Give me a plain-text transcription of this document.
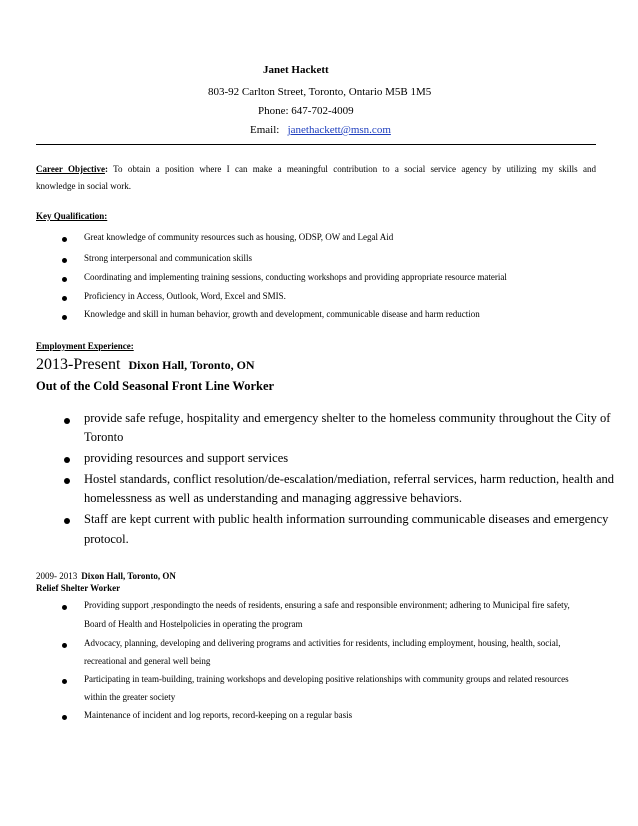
Janet Hackett
803-92 Carlton Street, Toronto, Ontario M5B 1M5
Phone: 647-702-4009
Email: janethackett@msn.com
Career Objective: To obtain a position where I can make a meaningful contribution to a social service agency by utilizing my skills and
knowledge in social work.
Key Qualification:
Great knowledge of community resources such as housing, ODSP, OW and Legal Aid
Strong interpersonal and communication skills
Coordinating and implementing training sessions, conducting workshops and providing appropriate resource material
Proficiency in Access, Outlook, Word, Excel and SMIS.
Knowledge and skill in human behavior, growth and development, communicable disease and harm reduction
Employment Experience:
2013-Present Dixon Hall, Toronto, ON
Out of the Cold Seasonal Front Line Worker
provide safe refuge, hospitality and emergency shelter to the homeless community throughout the City of
Toronto
providing resources and support services
Hostel standards, conflict resolution/de-escalation/mediation, referral services, harm reduction, health and
homelessness as well as understanding and managing aggressive behaviors.
Staff are kept current with public health information surrounding communicable diseases and emergency
protocol.
2009- 2013 Dixon Hall, Toronto, ON
Relief Shelter Worker
Providing support ,respondingto the needs of residents, ensuring a safe and responsible environment; adhering to Municipal fire safety,
Board of Health and Hostelpolicies in operating the program
Advocacy, planning, developing and delivering programs and activities for residents, including employment, housing, health, social,
recreational and general well being
Participating in team-building, training workshops and developing positive relationships with community groups and related resources
within the greater society
Maintenance of incident and log reports, record-keeping on a regular basis
